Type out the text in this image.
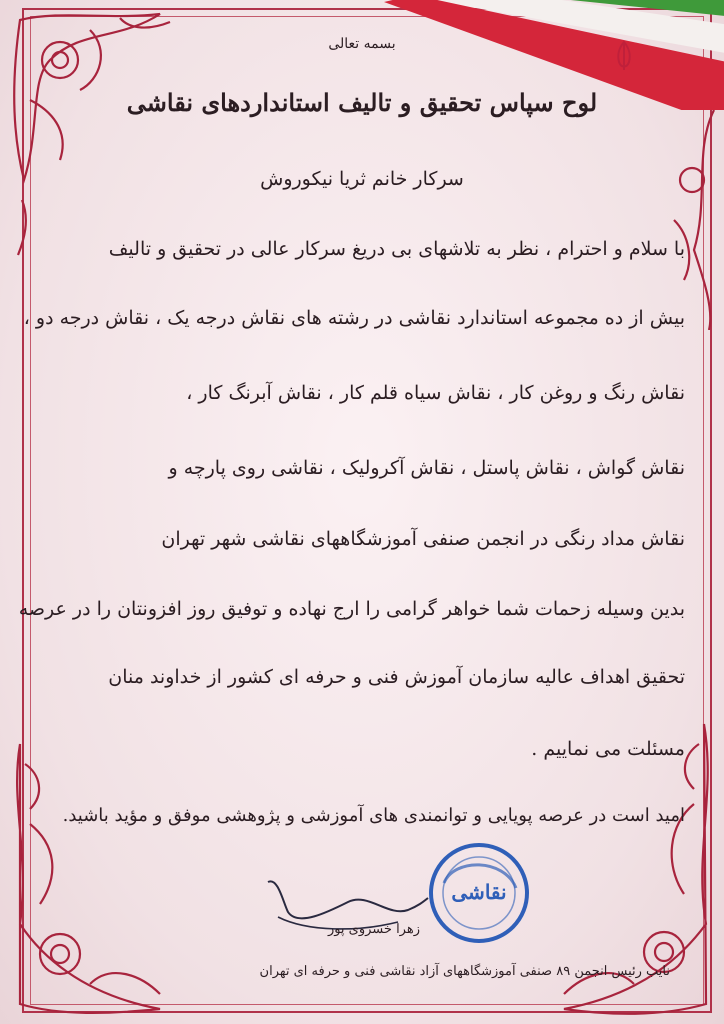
بسمه تعالی
لوح سپاس تحقیق و تالیف استانداردهای نقاشی
سرکار خانم ثریا نیکوروش
با سلام و احترام ، نظر به تلاشهای بی دریغ سرکار عالی در تحقیق و تالیف
بیش از ده مجموعه استاندارد نقاشی در رشته های نقاش درجه یک ، نقاش درجه دو ،
نقاش رنگ و روغن کار ، نقاش سیاه قلم کار ، نقاش آبرنگ کار ،
نقاش گواش ، نقاش پاستل ، نقاش آکرولیک ، نقاشی روی پارچه و
نقاش مداد رنگی در انجمن صنفی آموزشگاههای نقاشی شهر تهران
بدین وسیله زحمات شما خواهر گرامی را ارج نهاده و توفیق روز افزونتان را در عرصه
تحقیق اهداف عالیه سازمان آموزش فنی و حرفه ای کشور از خداوند منان
مسئلت می نماییم .
امید است در عرصه پویایی و توانمندی های آموزشی و پژوهشی موفق و مؤید باشید.
نقاشی
زهرا خسروی پور
نایب رئیس انجمن ۸۹ صنفی آموزشگاههای آزاد نقاشی فنی و حرفه ای تهران
